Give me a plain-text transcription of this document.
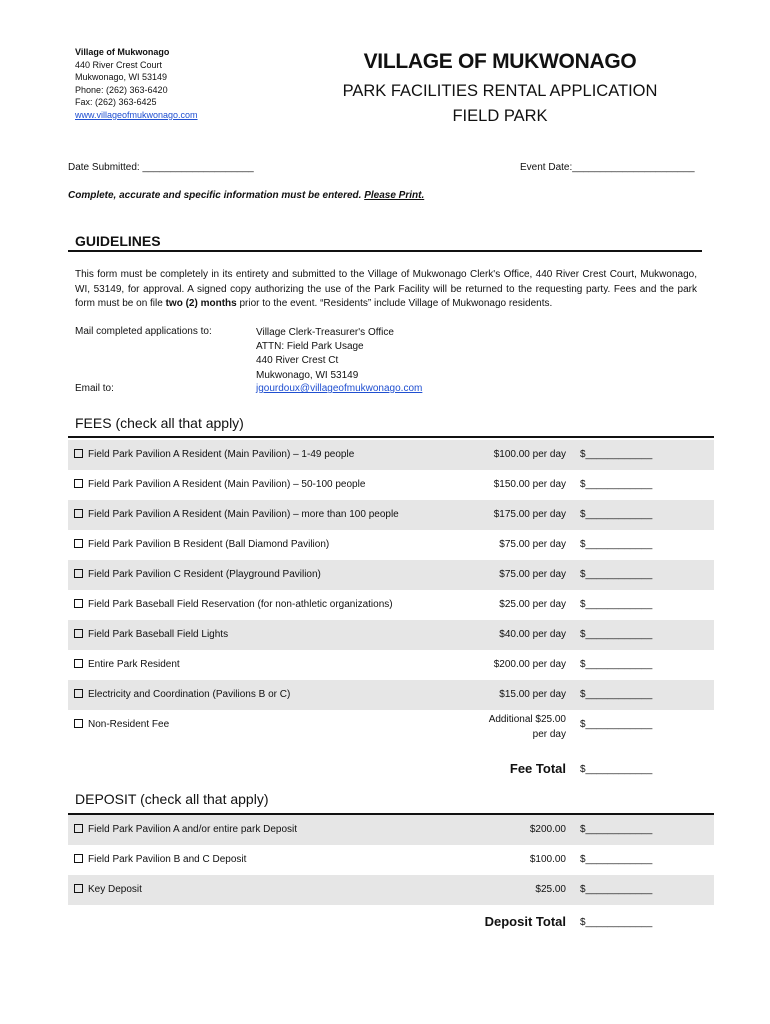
Village of Mukwonago
440 River Crest Court
Mukwonago, WI 53149
Phone: (262) 363-6420
Fax: (262) 363-6425
www.villageofmukwonago.com
VILLAGE OF MUKWONAGO
PARK FACILITIES RENTAL APPLICATION
FIELD PARK
Date Submitted: ____________________	Event Date:______________________
Complete, accurate and specific information must be entered. Please Print.
GUIDELINES
This form must be completely in its entirety and submitted to the Village of Mukwonago Clerk's Office, 440 River Crest Court, Mukwonago, WI, 53149, for approval. A signed copy authorizing the use of the Park Facility will be returned to the requesting party. Fees and the park form must be on file two (2) months prior to the event. “Residents” include Village of Mukwonago residents.
Mail completed applications to:	Village Clerk-Treasurer's Office
ATTN: Field Park Usage
440 River Crest Ct
Mukwonago, WI 53149
Email to:	jgourdoux@villageofmukwonago.com
FEES (check all that apply)
Field Park Pavilion A Resident (Main Pavilion) – 1-49 people	$100.00 per day $____________
Field Park Pavilion A Resident (Main Pavilion) – 50-100 people	$150.00 per day $____________
Field Park Pavilion A Resident (Main Pavilion) – more than 100 people	$175.00 per day $____________
Field Park Pavilion B Resident (Ball Diamond Pavilion)	$75.00 per day $____________
Field Park Pavilion C Resident (Playground Pavilion)	$75.00 per day $____________
Field Park Baseball Field Reservation (for non-athletic organizations)	$25.00 per day $____________
Field Park Baseball Field Lights	$40.00 per day $____________
Entire Park Resident	$200.00 per day $____________
Electricity and Coordination (Pavilions B or C)	$15.00 per day $____________
Non-Resident Fee	Additional $25.00
per day
$____________
Fee Total $____________
DEPOSIT (check all that apply)
Field Park Pavilion A and/or entire park Deposit	$200.00 $____________
Field Park Pavilion B and C Deposit	$100.00 $____________
Key Deposit	$25.00 $____________
Deposit Total $____________
